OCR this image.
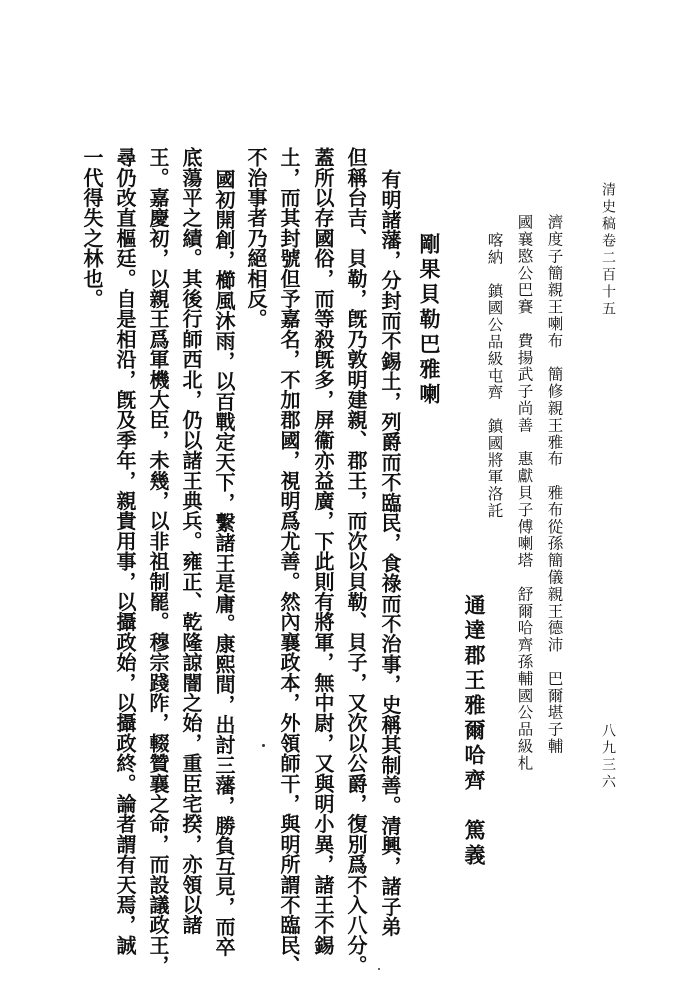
清史稿卷二百十五
八九三六
通達郡王雅爾哈齊　篤義	濟度子簡親王喇布　簡修親王雅布　雅布從孫簡儀親王德沛　巴爾堪子輔
國襄愍公巴賽　費揚武子尚善　惠獻貝子傅喇塔　舒爾哈齊孫輔國公品級札
喀納　鎮國公品級屯齊　鎮國將軍洛託
剛果貝勒巴雅喇
有明諸藩，分封而不錫土，列爵而不臨民，食祿而不治事，史稱其制善。清興，諸子弟
但稱台吉、貝勒，旣乃敦明建親、郡王，而次以貝勒、貝子，又次以公爵，復別爲不入八分。
蓋所以存國俗，而等殺旣多，屏衞亦益廣，下此則有將軍，無中尉，又與明小異，諸王不錫
土，而其封號但予嘉名，不加郡國，視明爲尤善。然內襄政本，外領師干，與明所謂不臨民、
不治事者乃絕相反。
國初開創，櫛風沐雨，以百戰定天下，繫諸王是庸。康熙間，出討三藩，勝負互見，而卒
底蕩平之績。其後行師西北，仍以諸王典兵。雍正、乾隆諒闇之始，重臣宅揆，亦領以諸
王。嘉慶初，以親王爲軍機大臣，未幾，以非祖制罷。穆宗踐阼，輟贊襄之命，而設議政王，
尋仍改直樞廷。自是相沿，旣及季年，親貴用事，以攝政始，以攝政終。論者謂有天焉，誠
一代得失之林也。
